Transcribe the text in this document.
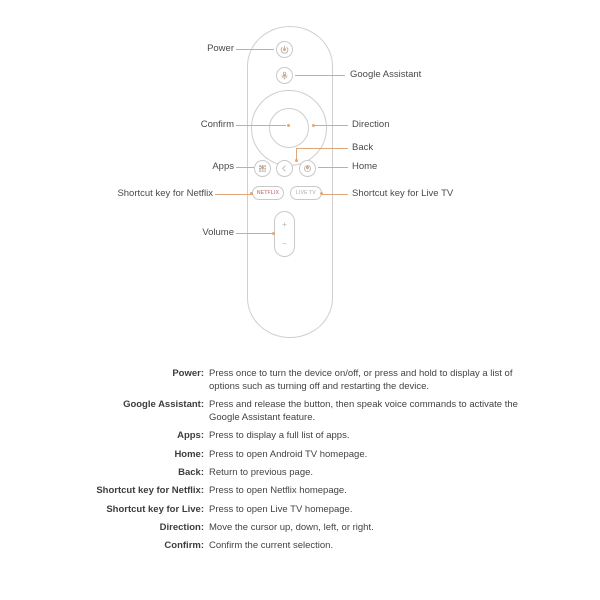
NETFLIX	LIVE TV
+
−
Power
Google Assistant
Confirm	Direction
Back
Apps	Home
Shortcut key for Netflix	Shortcut key for Live TV
Volume
Power: Press once to turn the device on/off, or press and hold to display a list of options such as turning off and restarting the device.
Google Assistant: Press and release the button, then speak voice commands to activate the Google Assistant feature.
Apps: Press to display a full list of apps.
Home: Press to open Android TV homepage.
Back: Return to previous page.
Shortcut key for Netflix: Press to open Netflix homepage.
Shortcut key for Live: Press to open Live TV homepage.
Direction: Move the cursor up, down, left, or right.
Confirm: Confirm the current selection.
